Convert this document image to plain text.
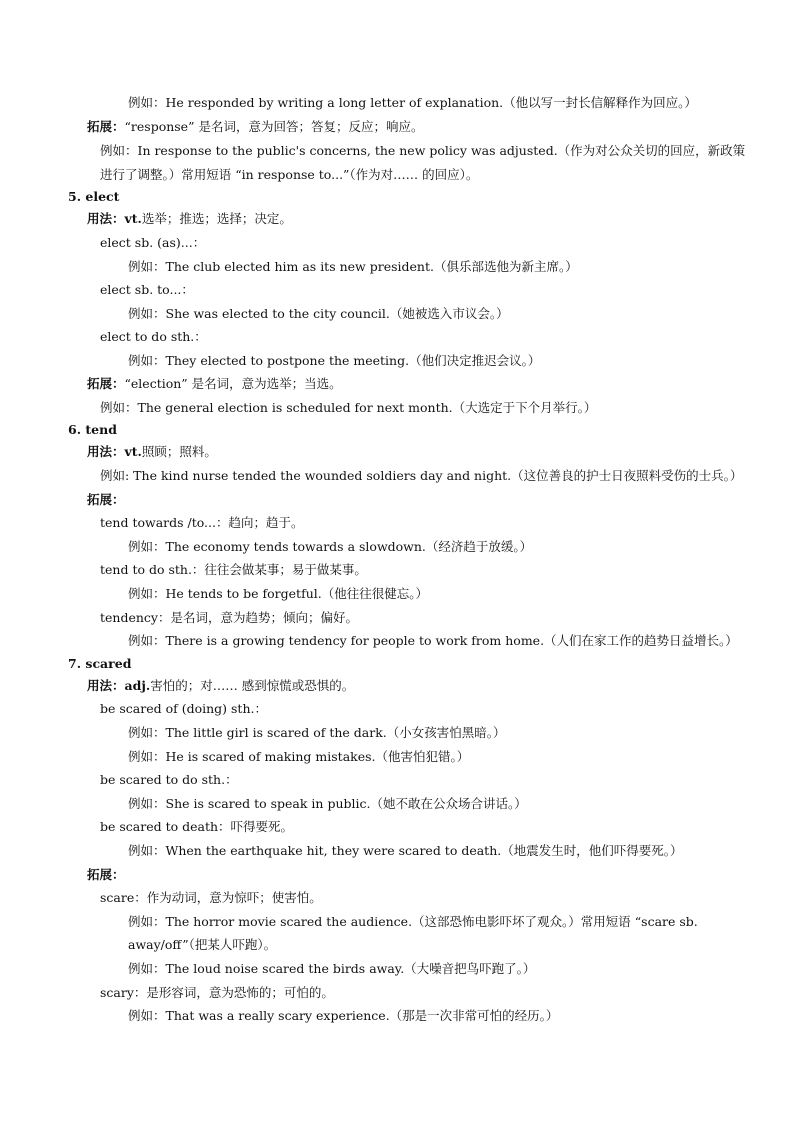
例如：He responded by writing a long letter of explanation.（他以写一封长信解释作为回应。）
拓展：“response” 是名词，意为回答；答复；反应；响应。
例如：In response to the public's concerns, the new policy was adjusted.（作为对公众关切的回应，新政策
进行了调整。）常用短语 “in response to...”（作为对…… 的回应）。
5. elect
用法：vt.选举；推选；选择；决定。
elect sb. (as)...：
例如：The club elected him as its new president.（俱乐部选他为新主席。）
elect sb. to...：
例如：She was elected to the city council.（她被选入市议会。）
elect to do sth.：
例如：They elected to postpone the meeting.（他们决定推迟会议。）
拓展：“election” 是名词，意为选举；当选。
例如：The general election is scheduled for next month.（大选定于下个月举行。）
6. tend
用法：vt.照顾；照料。
例如: The kind nurse tended the wounded soldiers day and night.（这位善良的护士日夜照料受伤的士兵。）
拓展：
tend towards /to...：趋向；趋于。
例如：The economy tends towards a slowdown.（经济趋于放缓。）
tend to do sth.：往往会做某事；易于做某事。
例如：He tends to be forgetful.（他往往很健忘。）
tendency：是名词，意为趋势；倾向；偏好。
例如：There is a growing tendency for people to work from home.（人们在家工作的趋势日益增长。）
7. scared
用法：adj.害怕的；对…… 感到惊慌或恐惧的。
be scared of (doing) sth.：
例如：The little girl is scared of the dark.（小女孩害怕黑暗。）
例如：He is scared of making mistakes.（他害怕犯错。）
be scared to do sth.：
例如：She is scared to speak in public.（她不敢在公众场合讲话。）
be scared to death：吓得要死。
例如：When the earthquake hit, they were scared to death.（地震发生时，他们吓得要死。）
拓展：
scare：作为动词，意为惊吓；使害怕。
例如：The horror movie scared the audience.（这部恐怖电影吓坏了观众。）常用短语 “scare sb.
away/off”（把某人吓跑）。
例如：The loud noise scared the birds away.（大噪音把鸟吓跑了。）
scary：是形容词，意为恐怖的；可怕的。
例如：That was a really scary experience.（那是一次非常可怕的经历。）
